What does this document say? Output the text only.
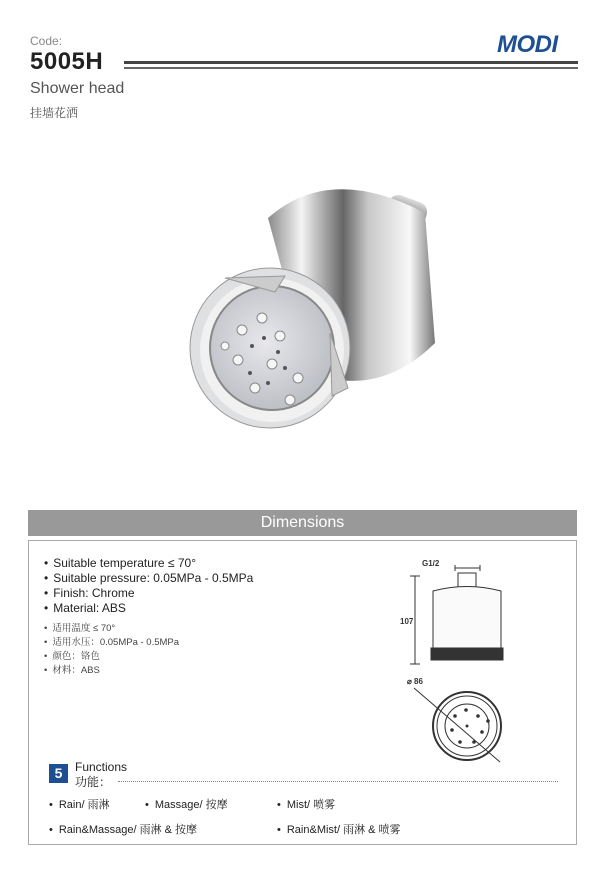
Code:
5005H
MODI
Shower head
挂墙花洒
Dimensions
• Suitable temperature ≤ 70°
• Suitable pressure: 0.05MPa - 0.5MPa
• Finish: Chrome
• Material: ABS
• 适用温度 ≤ 70°
• 适用水压：0.05MPa - 0.5MPa
• 颜色：铬色
• 材料：ABS
G1/2
107
⌀ 86
5	Functions
功能：
• Rain/ 雨淋	• Massage/ 按摩	• Mist/ 喷雾
• Rain&Massage/ 雨淋 & 按摩	• Rain&Mist/ 雨淋 & 喷雾
